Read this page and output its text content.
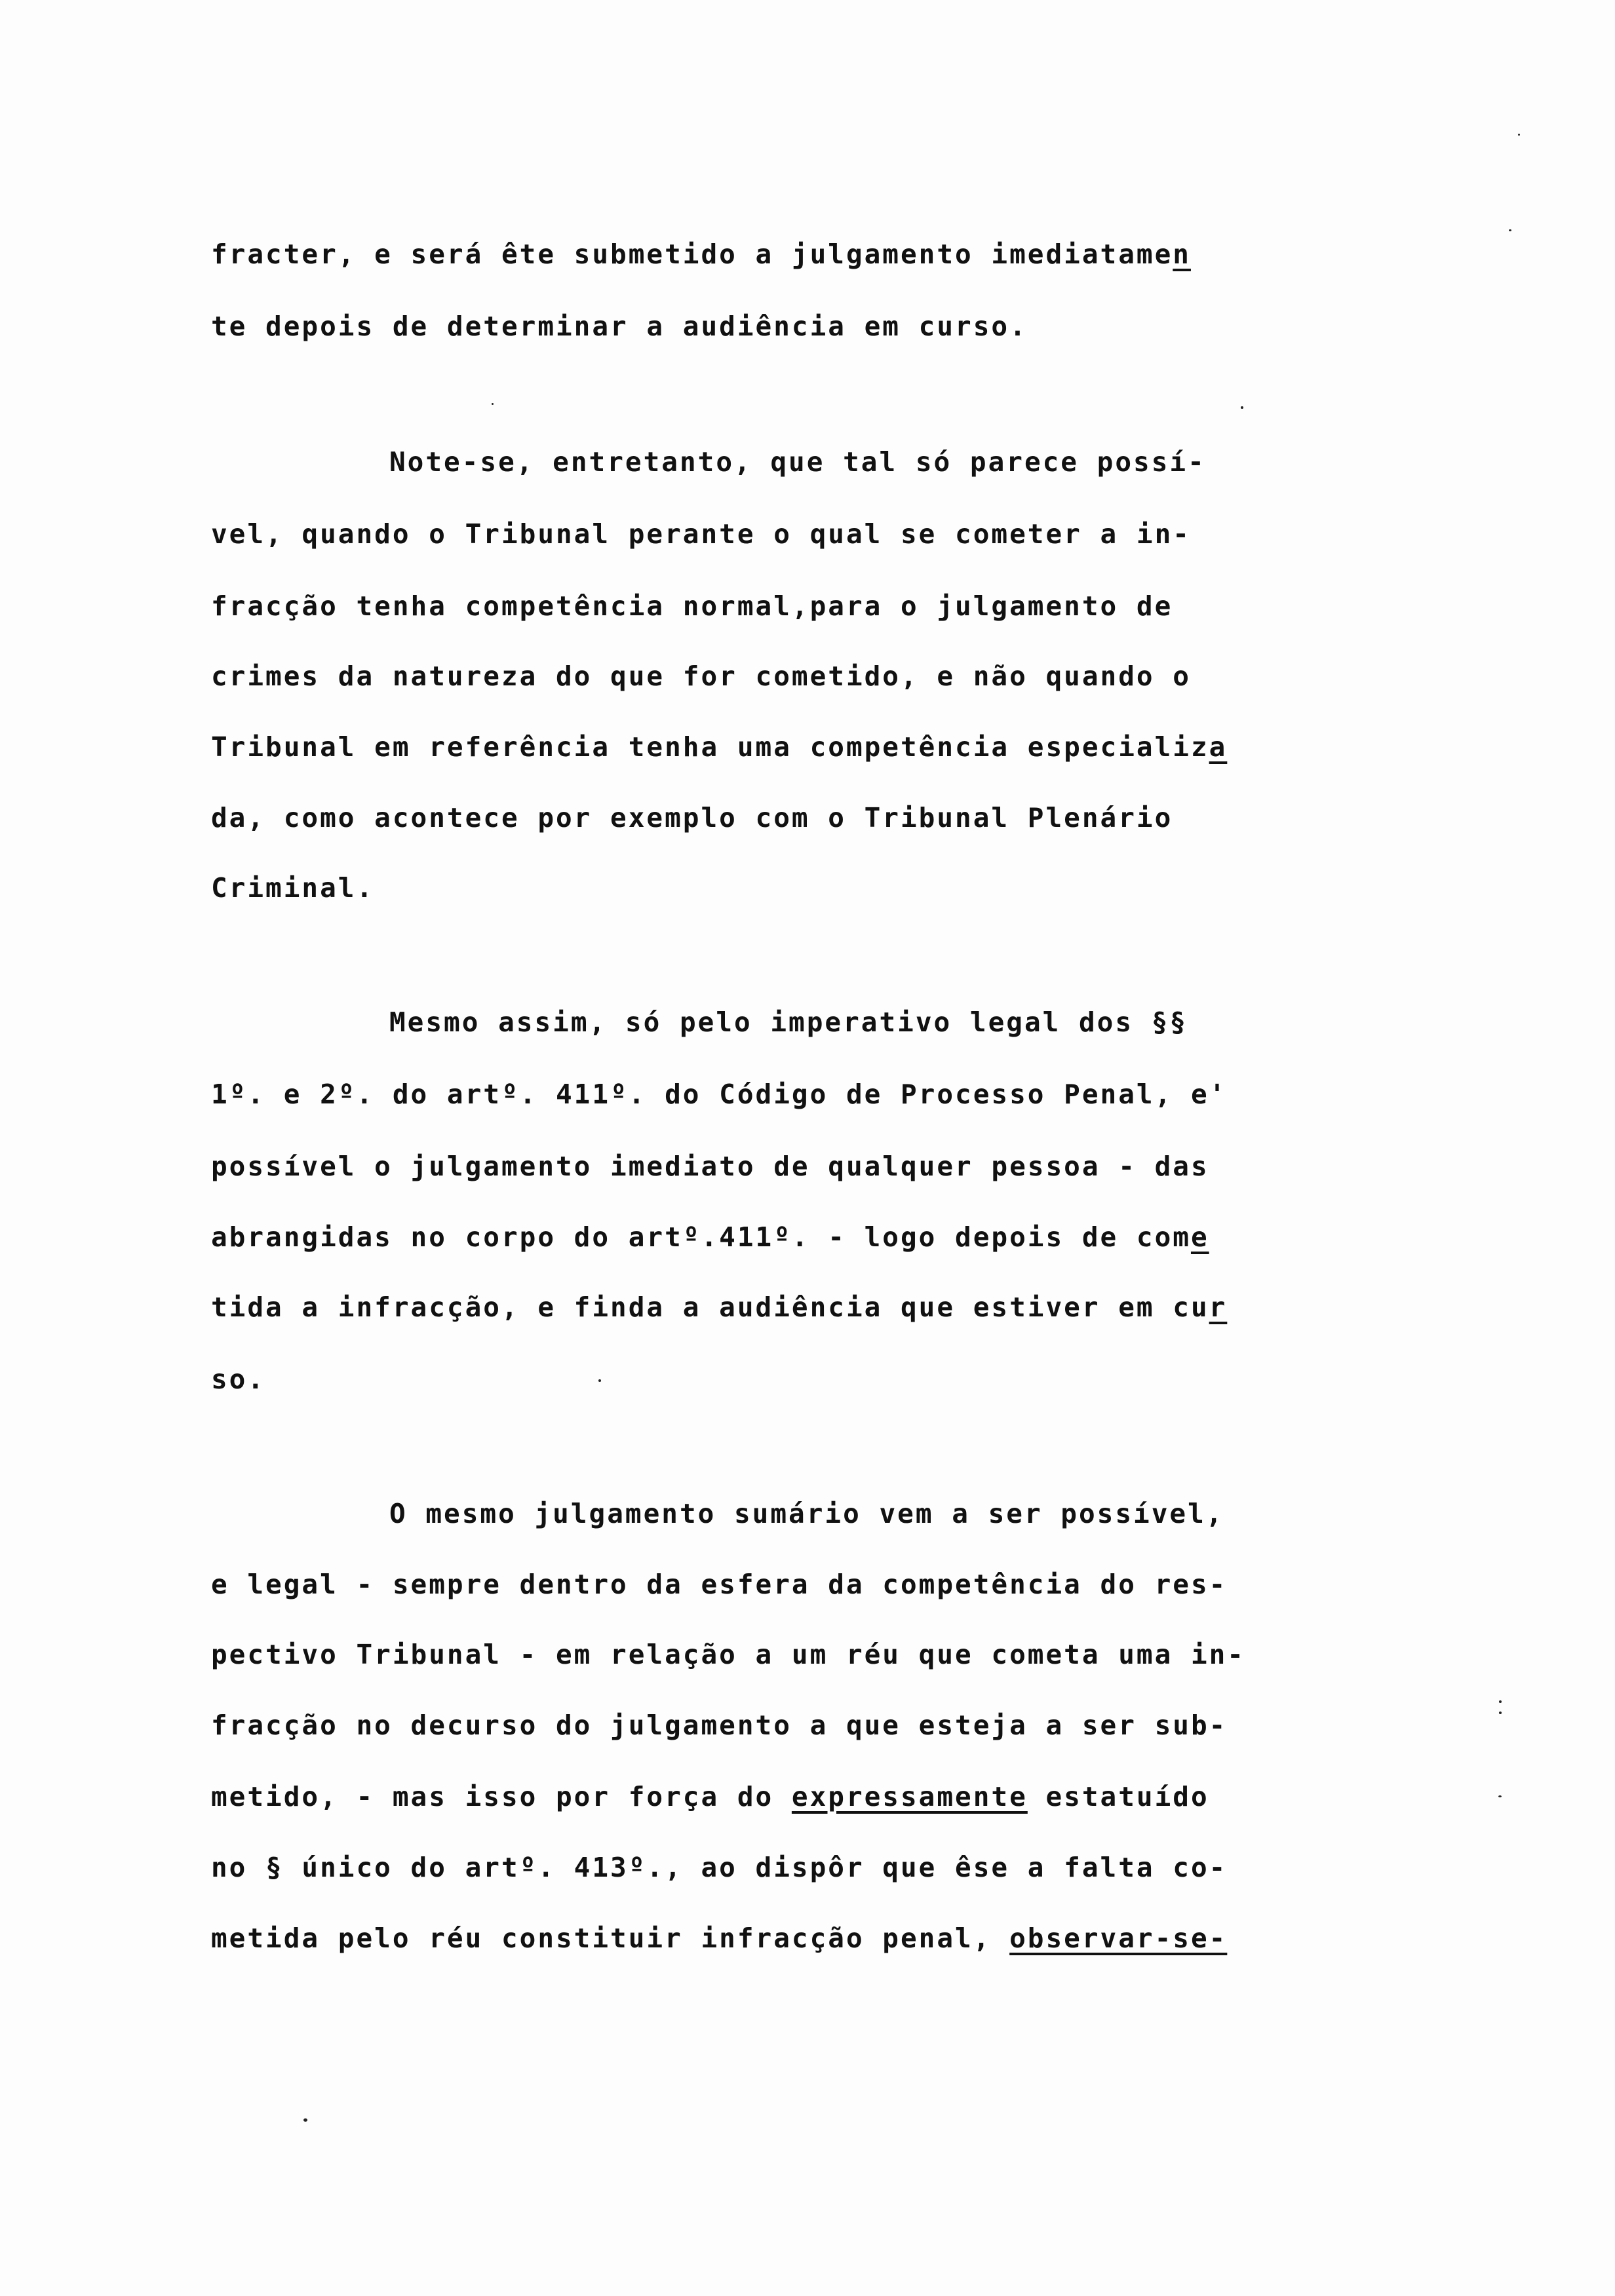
fracter, e será ête submetido a julgamento imediatamen

te depois de determinar a audiência em curso.

Note-se, entretanto, que tal só parece possí-

vel, quando o Tribunal perante o qual se cometer a in-

fracção tenha competência normal,para o julgamento de

crimes da natureza do que for cometido, e não quando o

Tribunal em referência tenha uma competência especializa

da, como acontece por exemplo com o Tribunal Plenário

Criminal.

Mesmo assim, só pelo imperativo legal dos §§

1º. e 2º. do artº. 411º. do Código de Processo Penal, e'

possível o julgamento imediato de qualquer pessoa - das

abrangidas no corpo do artº.411º. - logo depois de come

tida a infracção, e finda a audiência que estiver em cur

so.

O mesmo julgamento sumário vem a ser possível,

e legal - sempre dentro da esfera da competência do res-

pectivo Tribunal - em relação a um réu que cometa uma in-

fracção no decurso do julgamento a que esteja a ser sub-

metido, - mas isso por força do expressamente estatuído

no § único do artº. 413º., ao dispôr que êse a falta co-

metida pelo réu constituir infracção penal, observar-se-
